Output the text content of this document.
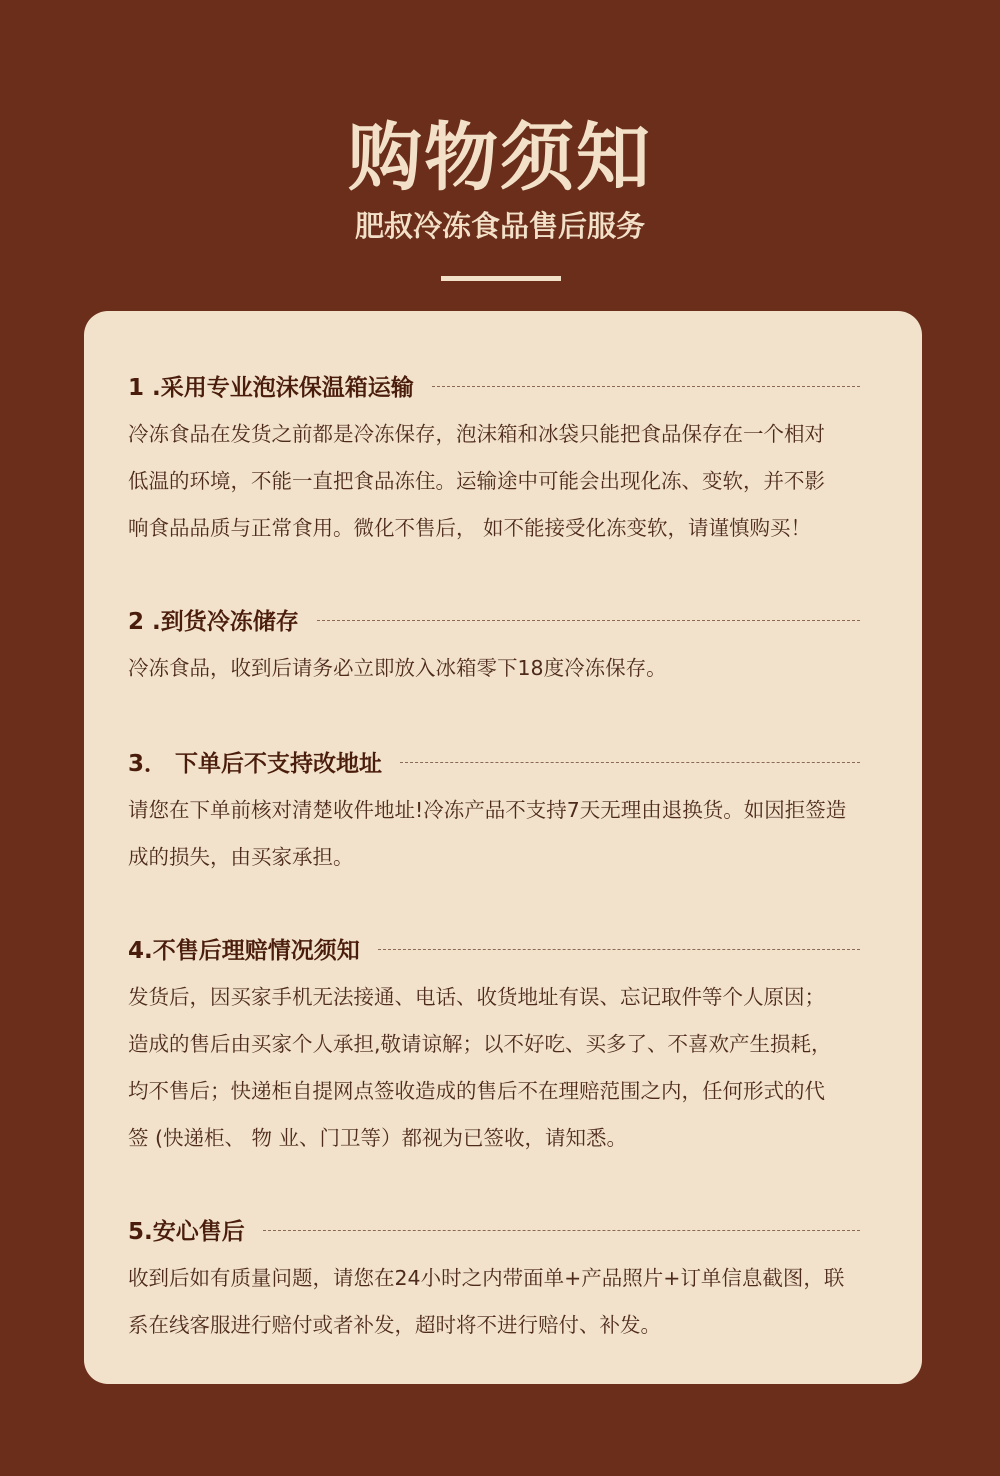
购物须知
肥叔冷冻食品售后服务
1 .采用专业泡沫保温箱运输
冷冻食品在发货之前都是冷冻保存，泡沫箱和冰袋只能把食品保存在一个相对
低温的环境，不能一直把食品冻住。运输途中可能会出现化冻、变软，并不影
响食品品质与正常食用。微化不售后， 如不能接受化冻变软，请谨慎购买！
2 .到货冷冻储存
冷冻食品，收到后请务必立即放入冰箱零下18度冷冻保存。
3． 下单后不支持改地址
请您在下单前核对清楚收件地址!冷冻产品不支持7天无理由退换货。如因拒签造
成的损失，由买家承担。
4.不售后理赔情况须知
发货后，因买家手机无法接通、电话、收货地址有误、忘记取件等个人原因；
造成的售后由买家个人承担,敬请谅解；以不好吃、买多了、不喜欢产生损耗，
均不售后；快递柜自提网点签收造成的售后不在理赔范围之内，任何形式的代
签 (快递柜、 物 业、门卫等）都视为已签收，请知悉。
5.安心售后
收到后如有质量问题，请您在24小时之内带面单+产品照片+订单信息截图，联
系在线客服进行赔付或者补发，超时将不进行赔付、补发。
